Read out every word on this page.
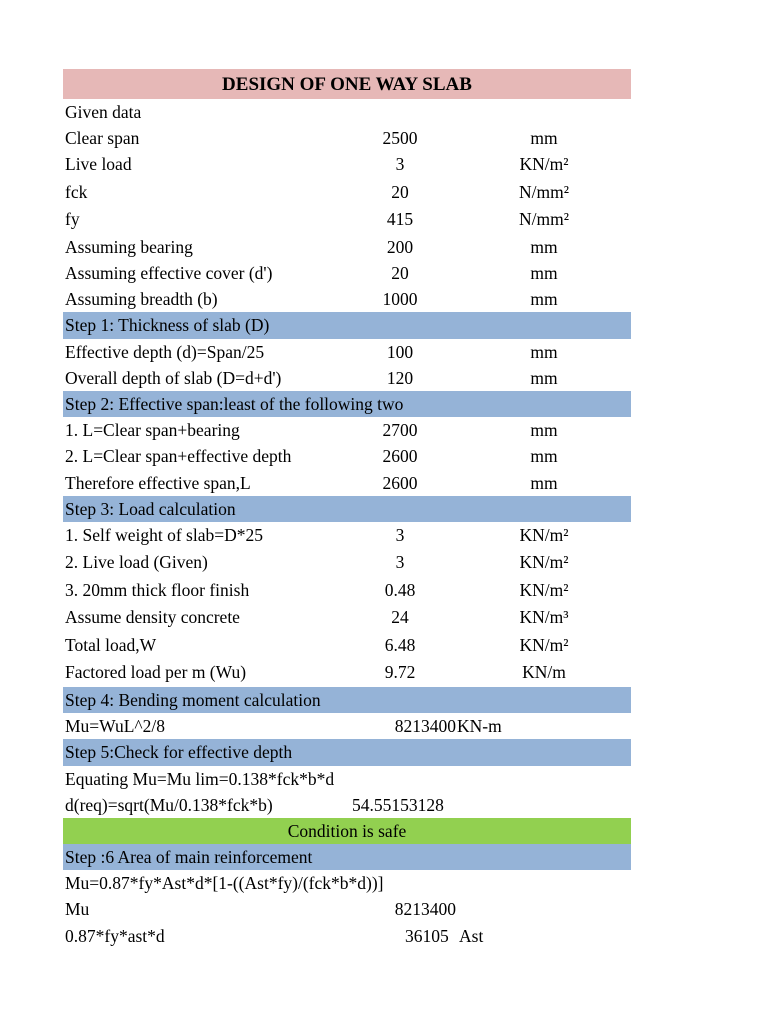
DESIGN OF ONE WAY SLAB
Given data
Clear span	2500	mm
Live load	3	KN/m²
fck	20	N/mm²
fy	415	N/mm²
Assuming bearing	200	mm
Assuming effective cover (d')	20	mm
Assuming breadth (b)	1000	mm
Step 1: Thickness of slab (D)
Effective depth (d)=Span/25	100	mm
Overall depth of slab (D=d+d')	120	mm
Step 2: Effective span:least of the following two
1. L=Clear span+bearing	2700	mm
2. L=Clear span+effective depth	2600	mm
Therefore effective span,L	2600	mm
Step 3: Load calculation
1. Self weight of slab=D*25	3	KN/m²
2. Live load (Given)	3	KN/m²
3. 20mm thick floor finish	0.48	KN/m²
Assume density concrete	24	KN/m³
Total load,W	6.48	KN/m²
Factored load per m (Wu)	9.72	KN/m
Step 4: Bending moment calculation
Mu=WuL^2/8	8213400 KN-m
Step 5:Check for effective depth
Equating Mu=Mu lim=0.138*fck*b*d
d(req)=sqrt(Mu/0.138*fck*b)	54.55153128
Condition is safe
Step :6 Area of main reinforcement
Mu=0.87*fy*Ast*d*[1-((Ast*fy)/(fck*b*d))]
Mu	8213400
0.87*fy*ast*d	36105 Ast
